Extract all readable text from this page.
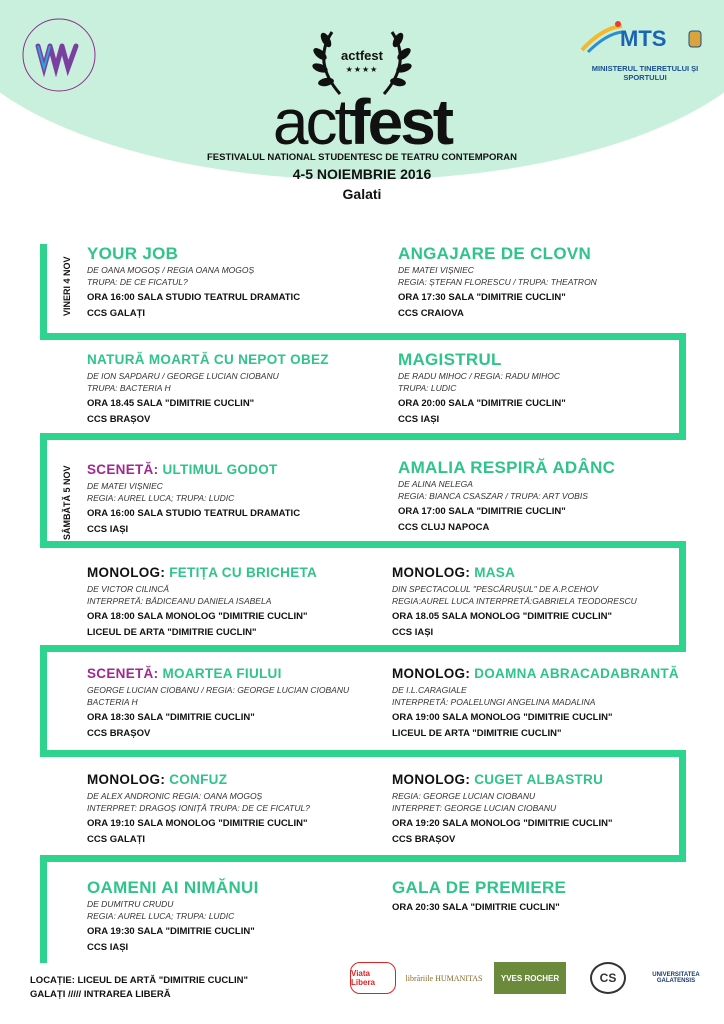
MTS
MINISTERUL TINERETULUI ȘI SPORTULUI
actfest
★★★★
actfest
FESTIVALUL NATIONAL STUDENTESC DE TEATRU CONTEMPORAN
4-5 NOIEMBRIE 2016
Galati
VINERI 4 NOV
SÂMBĂTĂ 5 NOV
YOUR JOB
DE OANA MOGOȘ / REGIA OANA MOGOȘ
TRUPA: DE CE FICATUL?
ORA 16:00 SALA STUDIO TEATRUL DRAMATIC
CCS GALAȚI
ANGAJARE DE CLOVN
DE MATEI VIȘNIEC
REGIA: ȘTEFAN FLORESCU / TRUPA: THEATRON
ORA 17:30 SALA "DIMITRIE CUCLIN"
CCS CRAIOVA
NATURĂ MOARTĂ CU NEPOT OBEZ
DE ION SAPDARU / GEORGE LUCIAN CIOBANU
TRUPA: BACTERIA H
ORA 18.45 SALA "DIMITRIE CUCLIN"
CCS BRAȘOV
MAGISTRUL
DE RADU MIHOC / REGIA: RADU MIHOC
TRUPA: LUDIC
ORA 20:00 SALA "DIMITRIE CUCLIN"
CCS IAȘI
SCENETĂ: ULTIMUL GODOT
DE MATEI VIȘNIEC
REGIA: AUREL LUCA; TRUPA: LUDIC
ORA 16:00 SALA STUDIO TEATRUL DRAMATIC
CCS IAȘI
AMALIA RESPIRĂ ADÂNC
DE ALINA NELEGA
REGIA: BIANCA CSASZAR / TRUPA: ART VOBIS
ORA 17:00 SALA "DIMITRIE CUCLIN"
CCS CLUJ NAPOCA
MONOLOG: FETIȚA CU BRICHETA
DE VICTOR CILINCĂ
INTERPRETĂ: BĂDICEANU DANIELA ISABELA
ORA 18:00 SALA MONOLOG "DIMITRIE CUCLIN"
LICEUL DE ARTA "DIMITRIE CUCLIN"
MONOLOG: MASA
DIN SPECTACOLUL "PESCĂRUȘUL" DE A.P.CEHOV
REGIA:AUREL LUCA INTERPRETĂ:GABRIELA TEODORESCU
ORA 18.05 SALA MONOLOG "DIMITRIE CUCLIN"
CCS IAȘI
SCENETĂ: MOARTEA FIULUI
GEORGE LUCIAN CIOBANU / REGIA: GEORGE LUCIAN CIOBANU
BACTERIA H
ORA 18:30 SALA "DIMITRIE CUCLIN"
CCS BRAȘOV
MONOLOG: DOAMNA ABRACADABRANTĂ
DE I.L.CARAGIALE
INTERPRETĂ: POALELUNGI ANGELINA MADALINA
ORA 19:00 SALA MONOLOG "DIMITRIE CUCLIN"
LICEUL DE ARTA "DIMITRIE CUCLIN"
MONOLOG: CONFUZ
DE ALEX ANDRONIC REGIA: OANA MOGOȘ
INTERPRET: DRAGOȘ IONIȚĂ TRUPA: DE CE FICATUL?
ORA 19:10 SALA MONOLOG "DIMITRIE CUCLIN"
CCS GALAȚI
MONOLOG: CUGET ALBASTRU
REGIA: GEORGE LUCIAN CIOBANU
INTERPRET: GEORGE LUCIAN CIOBANU
ORA 19:20 SALA MONOLOG "DIMITRIE CUCLIN"
CCS BRAȘOV
OAMENI AI NIMĂNUI
DE DUMITRU CRUDU
REGIA: AUREL LUCA; TRUPA: LUDIC
ORA 19:30 SALA "DIMITRIE CUCLIN"
CCS IAȘI
GALA DE PREMIERE
ORA 20:30 SALA "DIMITRIE CUCLIN"
LOCAȚIE: LICEUL DE ARTĂ "DIMITRIE CUCLIN"
GALAȚI ///// INTRAREA LIBERĂ
Viata Libera	librăriile HUMANITAS	YVES ROCHER	CS	UNIVERSITATEA GALATENSIS
